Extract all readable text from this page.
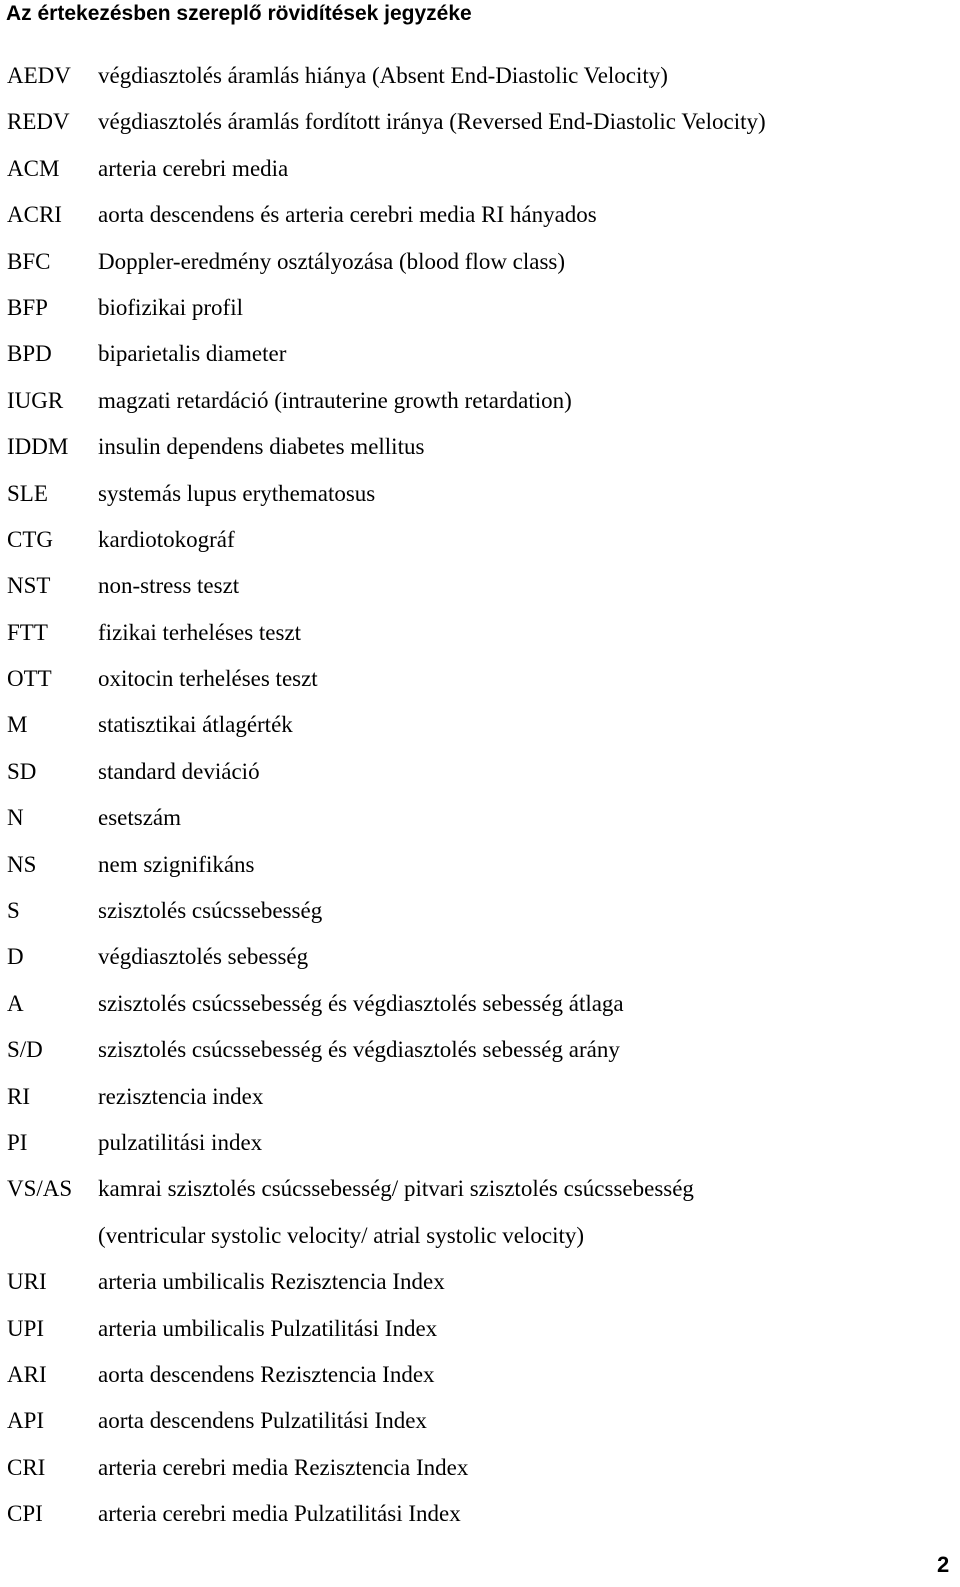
Az értekezésben szereplő rövidítések jegyzéke
AEDV végdiasztolés áramlás hiánya (Absent End-Diastolic Velocity)
REDV végdiasztolés áramlás fordított iránya (Reversed End-Diastolic Velocity)
ACM arteria cerebri media
ACRI aorta descendens és arteria cerebri media RI hányados
BFC Doppler-eredmény osztályozása (blood flow class)
BFP biofizikai profil
BPD biparietalis diameter
IUGR magzati retardáció (intrauterine growth retardation)
IDDM insulin dependens diabetes mellitus
SLE systemás lupus erythematosus
CTG kardiotokográf
NST non-stress teszt
FTT fizikai terheléses teszt
OTT oxitocin terheléses teszt
M	statisztikai átlagérték
SD	standard deviáció
N	esetszám
NS	nem szignifikáns
S	szisztolés csúcssebesség
D	végdiasztolés sebesség
A	szisztolés csúcssebesség és végdiasztolés sebesség átlaga
S/D szisztolés csúcssebesség és végdiasztolés sebesség arány
RI	rezisztencia index
PI	pulzatilitási index
VS/AS kamrai szisztolés csúcssebesség/ pitvari szisztolés csúcssebesség
(ventricular systolic velocity/ atrial systolic velocity)
URI arteria umbilicalis Rezisztencia Index
UPI arteria umbilicalis Pulzatilitási Index
ARI aorta descendens Rezisztencia Index
API aorta descendens Pulzatilitási Index
CRI arteria cerebri media Rezisztencia Index
CPI arteria cerebri media Pulzatilitási Index
2
